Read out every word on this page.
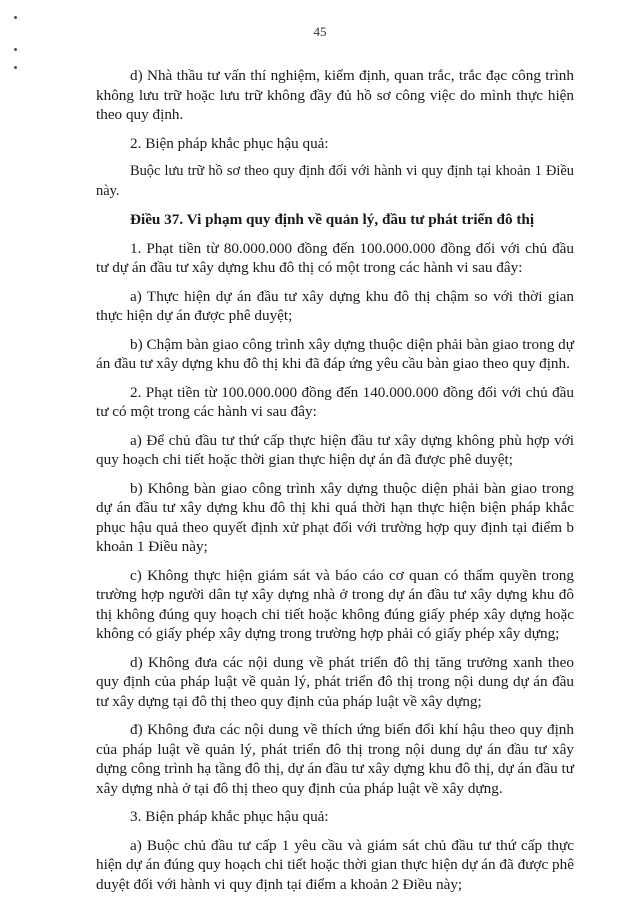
45

d) Nhà thầu tư vấn thí nghiệm, kiểm định, quan trắc, trắc đạc công trình không lưu trữ hoặc lưu trữ không đầy đủ hồ sơ công việc do mình thực hiện theo quy định.

2. Biện pháp khắc phục hậu quả:

Buộc lưu trữ hồ sơ theo quy định đối với hành vi quy định tại khoản 1 Điều này.

Điều 37. Vi phạm quy định về quản lý, đầu tư phát triển đô thị

1. Phạt tiền từ 80.000.000 đồng đến 100.000.000 đồng đối với chủ đầu tư dự án đầu tư xây dựng khu đô thị có một trong các hành vi sau đây:

a) Thực hiện dự án đầu tư xây dựng khu đô thị chậm so với thời gian thực hiện dự án được phê duyệt;

b) Chậm bàn giao công trình xây dựng thuộc diện phải bàn giao trong dự án đầu tư xây dựng khu đô thị khi đã đáp ứng yêu cầu bàn giao theo quy định.

2. Phạt tiền từ 100.000.000 đồng đến 140.000.000 đồng đối với chủ đầu tư có một trong các hành vi sau đây:

a) Để chủ đầu tư thứ cấp thực hiện đầu tư xây dựng không phù hợp với quy hoạch chi tiết hoặc thời gian thực hiện dự án đã được phê duyệt;

b) Không bàn giao công trình xây dựng thuộc diện phải bàn giao trong dự án đầu tư xây dựng khu đô thị khi quá thời hạn thực hiện biện pháp khắc phục hậu quả theo quyết định xử phạt đối với trường hợp quy định tại điểm b khoản 1 Điều này;

c) Không thực hiện giám sát và báo cáo cơ quan có thẩm quyền trong trường hợp người dân tự xây dựng nhà ở trong dự án đầu tư xây dựng khu đô thị không đúng quy hoạch chi tiết hoặc không đúng giấy phép xây dựng hoặc không có giấy phép xây dựng trong trường hợp phải có giấy phép xây dựng;

d) Không đưa các nội dung về phát triển đô thị tăng trưởng xanh theo quy định của pháp luật về quản lý, phát triển đô thị trong nội dung dự án đầu tư xây dựng tại đô thị theo quy định của pháp luật về xây dựng;

đ) Không đưa các nội dung về thích ứng biến đổi khí hậu theo quy định của pháp luật về quản lý, phát triển đô thị trong nội dung dự án đầu tư xây dựng công trình hạ tầng đô thị, dự án đầu tư xây dựng khu đô thị, dự án đầu tư xây dựng nhà ở tại đô thị theo quy định của pháp luật về xây dựng.

3. Biện pháp khắc phục hậu quả:

a) Buộc chủ đầu tư cấp 1 yêu cầu và giám sát chủ đầu tư thứ cấp thực hiện dự án đúng quy hoạch chi tiết hoặc thời gian thực hiện dự án đã được phê duyệt đối với hành vi quy định tại điểm a khoản 2 Điều này;
